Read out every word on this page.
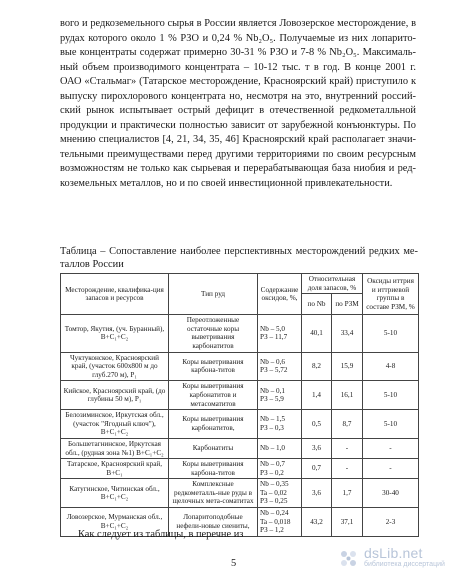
вого и редкоземельного сырья в России является Ловозерское месторождение, в
рудах которого около 1 % РЗО и 0,24 % Nb₂O₅. Получаемые из них лопарито-
вые концентраты содержат примерно 30-31 % РЗО и 7-8 % Nb₂O₅. Максималь-
ный объем производимого концентрата – 10-12 тыс. т в год. В конце 2001 г.
ОАО «Стальмаг» (Татарское месторождение, Красноярский край) приступило к
выпуску пирохлорового концентрата но, несмотря на это, внутренний россий-
ский рынок испытывает острый дефицит в отечественной редкометалльной
продукции и практически полностью зависит от зарубежной конъюнктуры. По
мнению специалистов [4, 21, 34, 35, 46] Красноярский край располагает значи-
тельными преимуществами перед другими территориями по своим ресурсным
возможностям не только как сырьевая и перерабатывающая база ниобия и ред-
коземельных металлов, но и по своей инвестиционной привлекательности.
Таблица – Сопоставление наиболее перспективных месторождений редких ме-
таллов России
Месторождение, квалифика-ция запасов и ресурсов	Тип руд	Содержание оксидов, %,	Относительная доля запасов, %		Оксиды иттрия и иттриевой группы в составе РЗМ, %
			по Nb	по РЗМ	
Томтор, Якутия, (уч. Буранный), B+C₁+C₂	Переотложенные остаточные коры выветривания карбонатитов	Nb – 5,0
РЗ – 11,7	40,1	33,4	5-10
Чуктуконское, Красноярский край, (участок 600x800 м до глуб.270 м), P₁	Коры выветривания карбона-титов	Nb – 0,6
РЗ – 5,72	8,2	15,9	4-8
Кийское, Красноярский край, (до глубины 50 м), P₁	Коры выветривания карбонатитов и метасоматитов	Nb – 0,1
РЗ – 5,9	1,4	16,1	5-10
Белозиминское, Иркутская обл., (участок "Ягодный ключ"), B+C₁+C₂	Коры выветривания карбонатитов,	Nb – 1,5
РЗ – 0,3	0,5	8,7	5-10
Большетагнинское, Иркутская обл., (рудная зона №1) B+C₁+C₂	Карбонатиты	Nb – 1,0	3,6	-	-
Татарское, Красноярский край, B+C₁	Коры выветривания карбона-титов	Nb – 0,7
РЗ – 0,2	0,7	-	-
Катугинское, Читинская обл., B+C₁+C₂	Комплексные редкометалль-ные руды в щелочных мета-соматитах	Nb – 0,35
Ta – 0,02
РЗ – 0,25	3,6	1,7	30-40
Ловозерское, Мурманская обл., B+C₁+C₂	Лопаритоподобные нефели-новые сиениты,	Nb – 0,24
Ta – 0,018
РЗ – 1,2	43,2	37,1	2-3

Как следует из таблицы, в перечне из

5

dsLib.net
библиотека диссертаций
